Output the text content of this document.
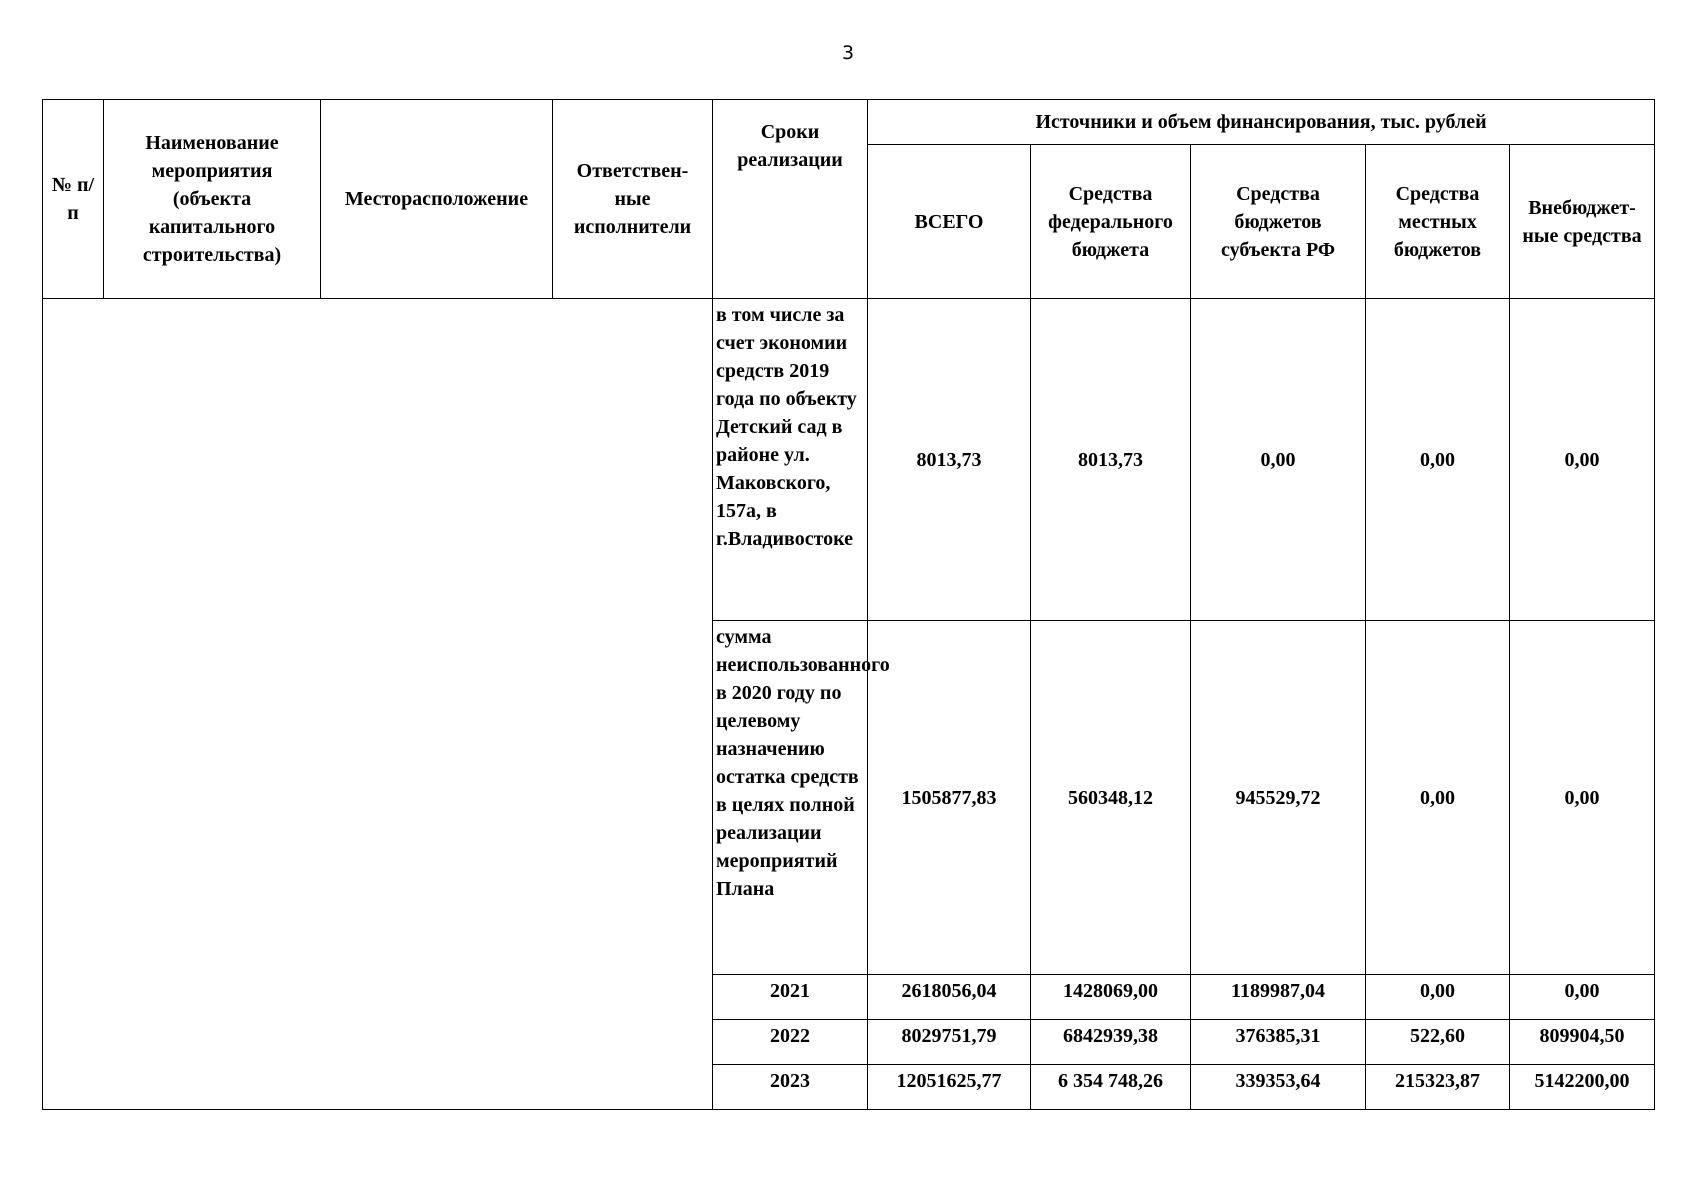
3
№ п/п	Наименование мероприятия (объекта капитального строительства)	Месторасположение	Ответствен-ные исполнители	Сроки реализации	Источники и объем финансирования, тыс. рублей				
					ВСЕГО	Средства федерального бюджета	Средства бюджетов субъекта РФ	Средства местных бюджетов	Внебюджет-ные средства
				в том числе за счет экономии средств 2019 года по объекту Детский сад в районе ул. Маковского, 157а, в г.Владивостоке	8013,73	8013,73	0,00	0,00	0,00
				сумма неиспользованного в 2020 году по целевому назначению остатка средств в целях полной реализации мероприятий Плана	1505877,83	560348,12	945529,72	0,00	0,00
				2021	2618056,04	1428069,00	1189987,04	0,00	0,00
				2022	8029751,79	6842939,38	376385,31	522,60	809904,50
				2023	12051625,77	6 354 748,26	339353,64	215323,87	5142200,00
